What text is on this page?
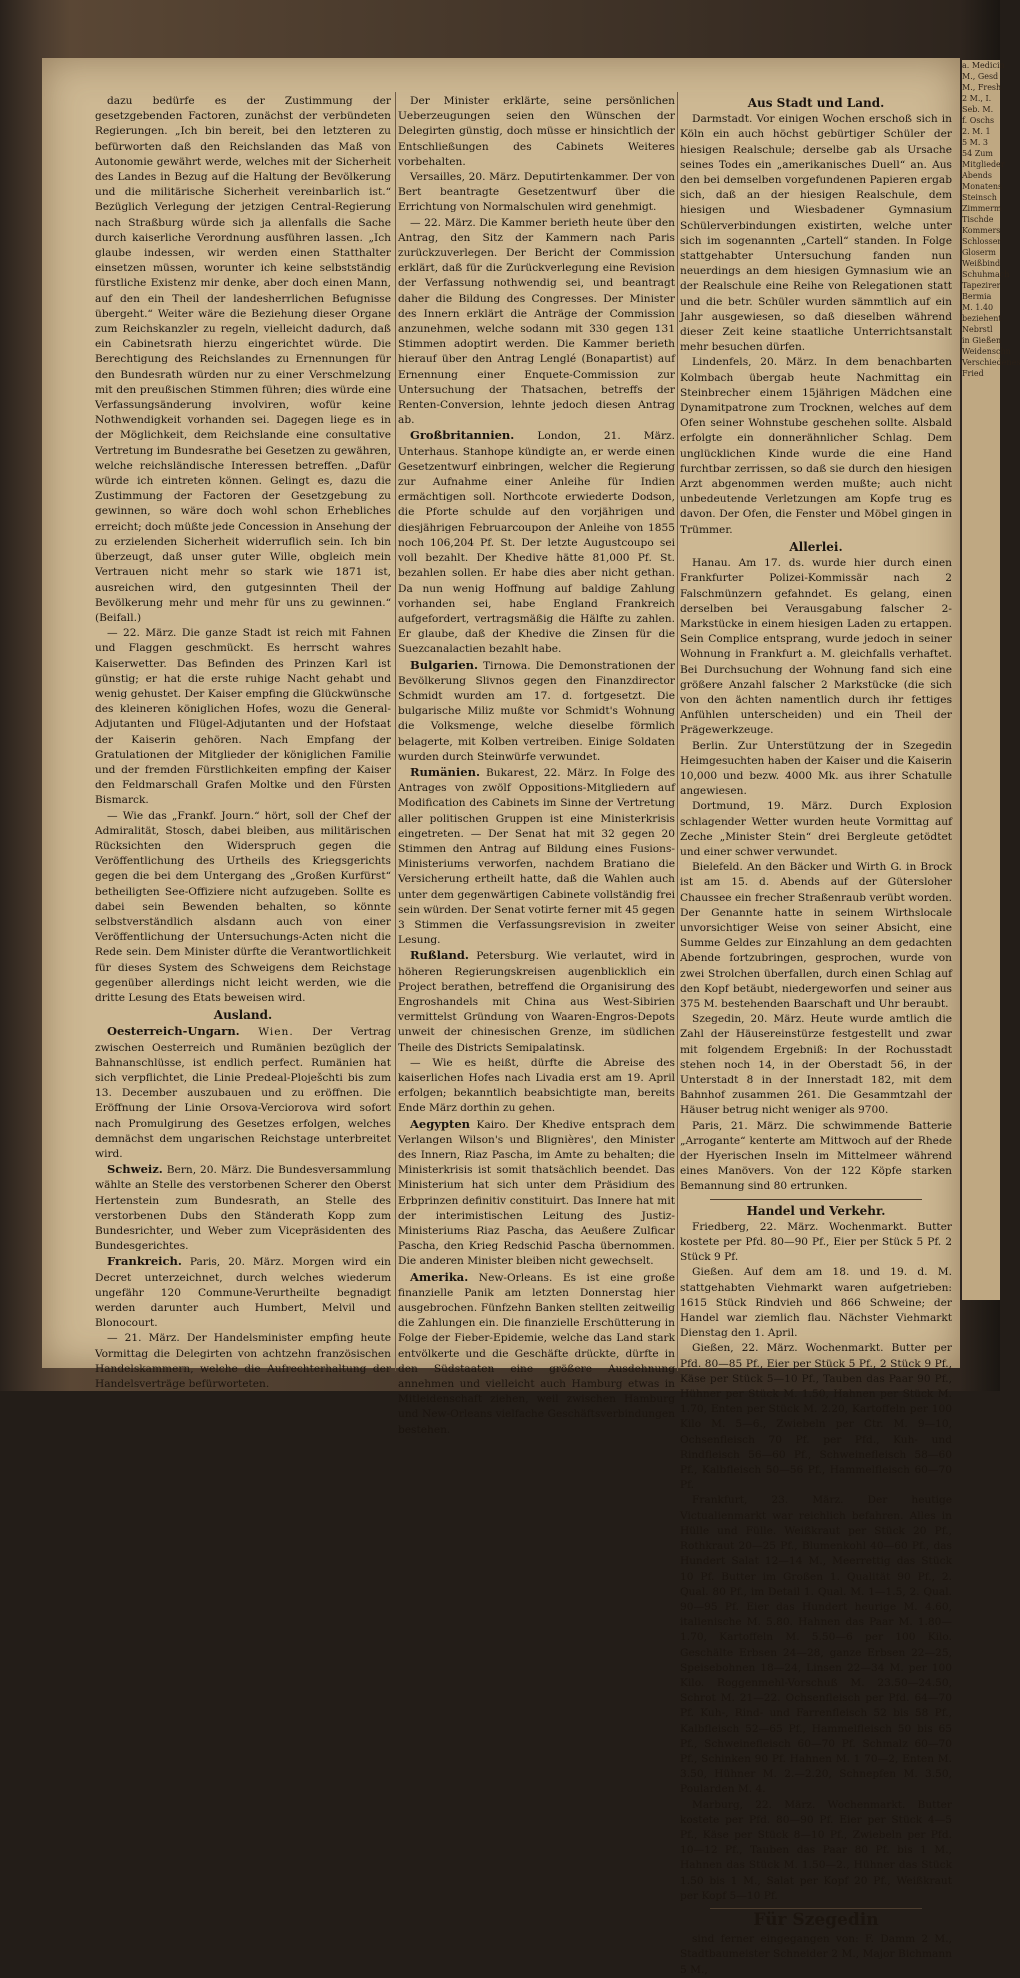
dazu bedürfe es der Zustimmung der gesetzgebenden Factoren, zunächst der verbündeten Regierungen. „Ich bin bereit, bei den letzteren zu befürworten daß den Reichslanden das Maß von Autonomie gewährt werde, welches mit der Sicherheit des Landes in Bezug auf die Haltung der Bevölkerung und die militärische Sicherheit vereinbarlich ist.“ Bezüglich Verlegung der jetzigen Central-Regierung nach Straßburg würde sich ja allenfalls die Sache durch kaiserliche Verordnung ausführen lassen. „Ich glaube indessen, wir werden einen Statthalter einsetzen müssen, worunter ich keine selbstständig fürstliche Existenz mir denke, aber doch einen Mann, auf den ein Theil der landesherrlichen Befugnisse übergeht.“ Weiter wäre die Beziehung dieser Organe zum Reichskanzler zu regeln, vielleicht dadurch, daß ein Cabinetsrath hierzu eingerichtet würde. Die Berechtigung des Reichslandes zu Ernennungen für den Bundesrath würden nur zu einer Verschmelzung mit den preußischen Stimmen führen; dies würde eine Verfassungsänderung involviren, wofür keine Nothwendigkeit vorhanden sei. Dagegen liege es in der Möglichkeit, dem Reichslande eine consultative Vertretung im Bundesrathe bei Gesetzen zu gewähren, welche reichsländische Interessen betreffen. „Dafür würde ich eintreten können. Gelingt es, dazu die Zustimmung der Factoren der Gesetzgebung zu gewinnen, so wäre doch wohl schon Erhebliches erreicht; doch müßte jede Concession in Ansehung der zu erzielenden Sicherheit widerruflich sein. Ich bin überzeugt, daß unser guter Wille, obgleich mein Vertrauen nicht mehr so stark wie 1871 ist, ausreichen wird, den gutgesinnten Theil der Bevölkerung mehr und mehr für uns zu gewinnen.“ (Beifall.)

— 22. März. Die ganze Stadt ist reich mit Fahnen und Flaggen geschmückt. Es herrscht wahres Kaiserwetter. Das Befinden des Prinzen Karl ist günstig; er hat die erste ruhige Nacht gehabt und wenig gehustet. Der Kaiser empfing die Glückwünsche des kleineren königlichen Hofes, wozu die General-Adjutanten und Flügel-Adjutanten und der Hofstaat der Kaiserin gehören. Nach Empfang der Gratulationen der Mitglieder der königlichen Familie und der fremden Fürstlichkeiten empfing der Kaiser den Feldmarschall Grafen Moltke und den Fürsten Bismarck.

— Wie das „Frankf. Journ.“ hört, soll der Chef der Admiralität, Stosch, dabei bleiben, aus militärischen Rücksichten den Widerspruch gegen die Veröffentlichung des Urtheils des Kriegsgerichts gegen die bei dem Untergang des „Großen Kurfürst“ betheiligten See-Offiziere nicht aufzugeben. Sollte es dabei sein Bewenden behalten, so könnte selbstverständlich alsdann auch von einer Veröffentlichung der Untersuchungs-Acten nicht die Rede sein. Dem Minister dürfte die Verantwortlichkeit für dieses System des Schweigens dem Reichstage gegenüber allerdings nicht leicht werden, wie die dritte Lesung des Etats beweisen wird.

Ausland.

Oesterreich-Ungarn. Wien. Der Vertrag zwischen Oesterreich und Rumänien bezüglich der Bahnanschlüsse, ist endlich perfect. Rumänien hat sich verpflichtet, die Linie Predeal-Ploješchti bis zum 13. December auszubauen und zu eröffnen. Die Eröffnung der Linie Orsova-Verciorova wird sofort nach Promulgirung des Gesetzes erfolgen, welches demnächst dem ungarischen Reichstage unterbreitet wird.

Schweiz. Bern, 20. März. Die Bundesversammlung wählte an Stelle des verstorbenen Scherer den Oberst Hertenstein zum Bundesrath, an Stelle des verstorbenen Dubs den Ständerath Kopp zum Bundesrichter, und Weber zum Vicepräsidenten des Bundesgerichtes.

Frankreich. Paris, 20. März. Morgen wird ein Decret unterzeichnet, durch welches wiederum ungefähr 120 Commune-Verurtheilte begnadigt werden darunter auch Humbert, Melvil und Blonocourt.

— 21. März. Der Handelsminister empfing heute Vormittag die Delegirten von achtzehn französischen Handelskammern, welche die Aufrechterhaltung der Handelsverträge befürworteten.

Der Minister erklärte, seine persönlichen Ueberzeugungen seien den Wünschen der Delegirten günstig, doch müsse er hinsichtlich der Entschließungen des Cabinets Weiteres vorbehalten.

Versailles, 20. März. Deputirtenkammer. Der von Bert beantragte Gesetzentwurf über die Errichtung von Normalschulen wird genehmigt.

— 22. März. Die Kammer berieth heute über den Antrag, den Sitz der Kammern nach Paris zurückzuverlegen. Der Bericht der Commission erklärt, daß für die Zurückverlegung eine Revision der Verfassung nothwendig sei, und beantragt daher die Bildung des Congresses. Der Minister des Innern erklärt die Anträge der Commission anzunehmen, welche sodann mit 330 gegen 131 Stimmen adoptirt werden. Die Kammer berieth hierauf über den Antrag Lenglé (Bonapartist) auf Ernennung einer Enquete-Commission zur Untersuchung der Thatsachen, betreffs der Renten-Conversion, lehnte jedoch diesen Antrag ab.

Großbritannien. London, 21. März. Unterhaus. Stanhope kündigte an, er werde einen Gesetzentwurf einbringen, welcher die Regierung zur Aufnahme einer Anleihe für Indien ermächtigen soll. Northcote erwiederte Dodson, die Pforte schulde auf den vorjährigen und diesjährigen Februarcoupon der Anleihe von 1855 noch 106,204 Pf. St. Der letzte Augustcoupo sei voll bezahlt. Der Khedive hätte 81,000 Pf. St. bezahlen sollen. Er habe dies aber nicht gethan. Da nun wenig Hoffnung auf baldige Zahlung vorhanden sei, habe England Frankreich aufgefordert, vertragsmäßig die Hälfte zu zahlen. Er glaube, daß der Khedive die Zinsen für die Suezcanalactien bezahlt habe.

Bulgarien. Tirnowa. Die Demonstrationen der Bevölkerung Slivnos gegen den Finanzdirector Schmidt wurden am 17. d. fortgesetzt. Die bulgarische Miliz mußte vor Schmidt's Wohnung die Volksmenge, welche dieselbe förmlich belagerte, mit Kolben vertreiben. Einige Soldaten wurden durch Steinwürfe verwundet.

Rumänien. Bukarest, 22. März. In Folge des Antrages von zwölf Oppositions-Mitgliedern auf Modification des Cabinets im Sinne der Vertretung aller politischen Gruppen ist eine Ministerkrisis eingetreten. — Der Senat hat mit 32 gegen 20 Stimmen den Antrag auf Bildung eines Fusions-Ministeriums verworfen, nachdem Bratiano die Versicherung ertheilt hatte, daß die Wahlen auch unter dem gegenwärtigen Cabinete vollständig frei sein würden. Der Senat votirte ferner mit 45 gegen 3 Stimmen die Verfassungsrevision in zweiter Lesung.

Rußland. Petersburg. Wie verlautet, wird in höheren Regierungskreisen augenblicklich ein Project berathen, betreffend die Organisirung des Engroshandels mit China aus West-Sibirien vermittelst Gründung von Waaren-Engros-Depots unweit der chinesischen Grenze, im südlichen Theile des Districts Semipalatinsk.

— Wie es heißt, dürfte die Abreise des kaiserlichen Hofes nach Livadia erst am 19. April erfolgen; bekanntlich beabsichtigte man, bereits Ende März dorthin zu gehen.

Aegypten Kairo. Der Khedive entsprach dem Verlangen Wilson's und Blignières', den Minister des Innern, Riaz Pascha, im Amte zu behalten; die Ministerkrisis ist somit thatsächlich beendet. Das Ministerium hat sich unter dem Präsidium des Erbprinzen definitiv constituirt. Das Innere hat mit der interimistischen Leitung des Justiz-Ministeriums Riaz Pascha, das Aeußere Zulficar Pascha, den Krieg Redschid Pascha übernommen. Die anderen Minister bleiben nicht gewechselt.

Amerika. New-Orleans. Es ist eine große finanzielle Panik am letzten Donnerstag hier ausgebrochen. Fünfzehn Banken stellten zeitweilig die Zahlungen ein. Die finanzielle Erschütterung in Folge der Fieber-Epidemie, welche das Land stark entvölkerte und die Geschäfte drückte, dürfte in den Südstaaten eine größere Ausdehnung annehmen und vielleicht auch Hamburg etwas in Mitleidenschaft ziehen, weil zwischen Hamburg und New-Orleans vielfache Geschäftsverbindungen bestehen.

Aus Stadt und Land.

Darmstadt. Vor einigen Wochen erschoß sich in Köln ein auch höchst gebürtiger Schüler der hiesigen Realschule; derselbe gab als Ursache seines Todes ein „amerikanisches Duell“ an. Aus den bei demselben vorgefundenen Papieren ergab sich, daß an der hiesigen Realschule, dem hiesigen und Wiesbadener Gymnasium Schülerverbindungen existirten, welche unter sich im sogenannten „Cartell“ standen. In Folge stattgehabter Untersuchung fanden nun neuerdings an dem hiesigen Gymnasium wie an der Realschule eine Reihe von Relegationen statt und die betr. Schüler wurden sämmtlich auf ein Jahr ausgewiesen, so daß dieselben während dieser Zeit keine staatliche Unterrichtsanstalt mehr besuchen dürfen.

Lindenfels, 20. März. In dem benachbarten Kolmbach übergab heute Nachmittag ein Steinbrecher einem 15jährigen Mädchen eine Dynamitpatrone zum Trocknen, welches auf dem Ofen seiner Wohnstube geschehen sollte. Alsbald erfolgte ein donnerähnlicher Schlag. Dem unglücklichen Kinde wurde die eine Hand furchtbar zerrissen, so daß sie durch den hiesigen Arzt abgenommen werden mußte; auch nicht unbedeutende Verletzungen am Kopfe trug es davon. Der Ofen, die Fenster und Möbel gingen in Trümmer.

Allerlei.

Hanau. Am 17. ds. wurde hier durch einen Frankfurter Polizei-Kommissär nach 2 Falschmünzern gefahndet. Es gelang, einen derselben bei Verausgabung falscher 2-Markstücke in einem hiesigen Laden zu ertappen. Sein Complice entsprang, wurde jedoch in seiner Wohnung in Frankfurt a. M. gleichfalls verhaftet. Bei Durchsuchung der Wohnung fand sich eine größere Anzahl falscher 2 Markstücke (die sich von den ächten namentlich durch ihr fettiges Anfühlen unterscheiden) und ein Theil der Prägewerkzeuge.

Berlin. Zur Unterstützung der in Szegedin Heimgesuchten haben der Kaiser und die Kaiserin 10,000 und bezw. 4000 Mk. aus ihrer Schatulle angewiesen.

Dortmund, 19. März. Durch Explosion schlagender Wetter wurden heute Vormittag auf Zeche „Minister Stein“ drei Bergleute getödtet und einer schwer verwundet.

Bielefeld. An den Bäcker und Wirth G. in Brock ist am 15. d. Abends auf der Gütersloher Chaussee ein frecher Straßenraub verübt worden. Der Genannte hatte in seinem Wirthslocale unvorsichtiger Weise von seiner Absicht, eine Summe Geldes zur Einzahlung an dem gedachten Abende fortzubringen, gesprochen, wurde von zwei Strolchen überfallen, durch einen Schlag auf den Kopf betäubt, niedergeworfen und seiner aus 375 M. bestehenden Baarschaft und Uhr beraubt.

Szegedin, 20. März. Heute wurde amtlich die Zahl der Häusereinstürze festgestellt und zwar mit folgendem Ergebniß: In der Rochusstadt stehen noch 14, in der Oberstadt 56, in der Unterstadt 8 in der Innerstadt 182, mit dem Bahnhof zusammen 261. Die Gesammtzahl der Häuser betrug nicht weniger als 9700.

Paris, 21. März. Die schwimmende Batterie „Arrogante“ kenterte am Mittwoch auf der Rhede der Hyerischen Inseln im Mittelmeer während eines Manövers. Von der 122 Köpfe starken Bemannung sind 80 ertrunken.

Handel und Verkehr.

Friedberg, 22. März. Wochenmarkt. Butter kostete per Pfd. 80—90 Pf., Eier per Stück 5 Pf. 2 Stück 9 Pf.

Gießen. Auf dem am 18. und 19. d. M. stattgehabten Viehmarkt waren aufgetrieben: 1615 Stück Rindvieh und 866 Schweine; der Handel war ziemlich flau. Nächster Viehmarkt Dienstag den 1. April.

Gießen, 22. März. Wochenmarkt. Butter per Pfd. 80—85 Pf., Eier per Stück 5 Pf., 2 Stück 9 Pf., Käse per Stück 5—10 Pf., Tauben das Paar 90 Pf., Hühner per Stück M. 1.50, Hahnen per Stück M. 1.70, Enten per Stück M. 2.20, Kartoffeln per 100 Kilo M. 5—6., Zwiebeln per Ctr. M. 9—10, Ochsenfleisch 70 Pf. per Pfd., Kuh- und Rindfleisch 56—60 Pf., Schweinefleisch 58—60 Pf., Kalbfleisch 50—56 Pf., Hammelfleisch 60—70 Pf.

Frankfurt, 23. März. Der heutige Victualienmarkt war reichlich befahren. Alles in Hülle und Fülle. Weißkraut per Stück 20 Pf., Rothkraut 20—25 Pf., Blumenkohl 40—60 Pf., das Hundert Salat 12—14 M., Meerrettig das Stück 10 Pf. Butter im Großen 1. Qualität 90 Pf., 2. Qual. 80 Pf., im Detail 1. Qual. M. 1—1.5, 2. Qual. 90—95 Pf. Eier das Hundert heurige M. 4.60, italienische M. 5.80. Hahnen das Paar M. 1.80—1.70, Kartoffeln M. 5.50—6 per 100 Kilo. Geschälte Erbsen 24—28, ganze Erbsen 22—25, Speisebohnen 18—24, Linsen 22—34 M. per 100 Kilo. Roggenmehl-Vorschuß M. 23.50—24.50, Schrot M. 21—22. Ochsenfleisch per Pfd. 64—70 Pf. Kuh-, Rind- und Farrenfleisch 52 bis 58 Pf., Kalbfleisch 52—65 Pf., Hammelfleisch 50 bis 65 Pf., Schweinefleisch 60—70 Pf. Schmalz 60—70 Pf., Schinken 90 Pf. Hahnen M. 1 70—2, Enten M. 3.50, Hühner M. 2.—2.20, Schnepfen M. 3.50, Poularden M. 4.

Marburg, 22. März. Wochenmarkt. Butter kostete per Pfd. 80—90 Pf. Eier per Stück 4—5 Pf., Käse per Stück 8—10 Pf., Zwiebeln per Pfd. 10—12 Pf., Tauben das Paar 80 Pf. bis 1 M., Hahnen das Stück M. 1.50—2., Hühner das Stück 1.50 bis 1 M., Salat per Kopf 20 Pf., Weißkraut per Kopf 5—10 Pf.

Für Szegedin

sind ferner eingegangen von: F. Damm 2 M., Stadtbaumeister Schneider 2 M., Major Bichmann 5 M.,

a. Medicin
M., Gesd
M., Fresh
2 M., I.
Seb. M.
f. Oschs
2. M. 1
5 M. 3
54 Zum
Mitglieder
Abends
Monatens
Steinsch
Zimmerm
Tischde
Kommers
Schlosser
Gloserm
Weißbind
Schuhmach
Tapezirer
Bermia
M. 1.40
beziehent
Nebrstl
in Gießen
Weidenschn
Verschiedenes
Fried
